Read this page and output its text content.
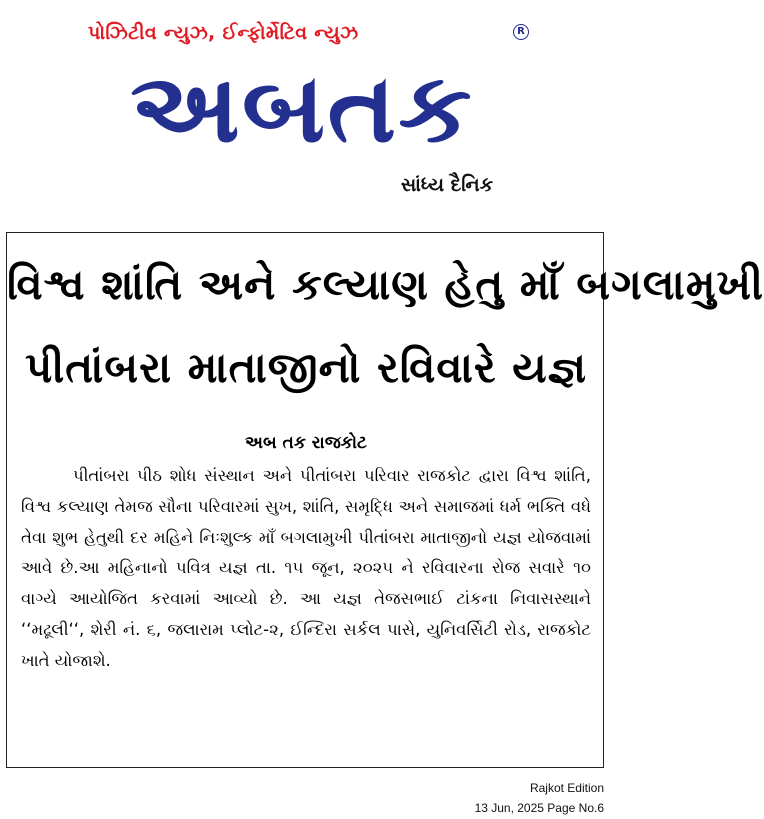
પોઝિટીવ ન્યુઝ, ઈન્ફોર્મેટિવ ન્યુઝ	R
અબતક
સાંધ્ય દૈનિક
વિશ્વ શાંતિ અને કલ્યાણ હેતુ માઁ બગલામુખી
પીતાંબરા માતાજીનો રવિવારે યજ્ઞ
અબ તક રાજકોટ
પીતાંબરા પીઠ શોધ સંસ્થાન અને પીતાંબરા પરિવાર રાજકોટ દ્વારા વિશ્વ શાંતિ, વિશ્વ કલ્યાણ તેમજ સૌના પરિવારમાં સુખ, શાંતિ, સમૃદ્ધિ અને સમાજમાં ધર્મ ભક્તિ વધે તેવા શુભ હેતુથી દર મહિને નિઃશુલ્ક માઁ બગલામુખી પીતાંબરા માતાજીનો યજ્ઞ યોજવામાં આવે છે.આ મહિનાનો પવિત્ર યજ્ઞ તા. ૧૫ જૂન, ૨૦૨૫ ને રવિવારના રોજ સવારે ૧૦ વાગ્યે આયોજિત કરવામાં આવ્યો છે. આ યજ્ઞ તેજસભાઈ ટાંકના નિવાસસ્થાને ‘‘મઢૂલી‘‘, શેરી નં. ૬, જલારામ પ્લોટ-૨, ઈન્દિરા સર્કલ પાસે, યુનિવર્સિટી રોડ, રાજકોટ ખાતે યોજાશે.
Rajkot Edition
13 Jun, 2025 Page No.6
